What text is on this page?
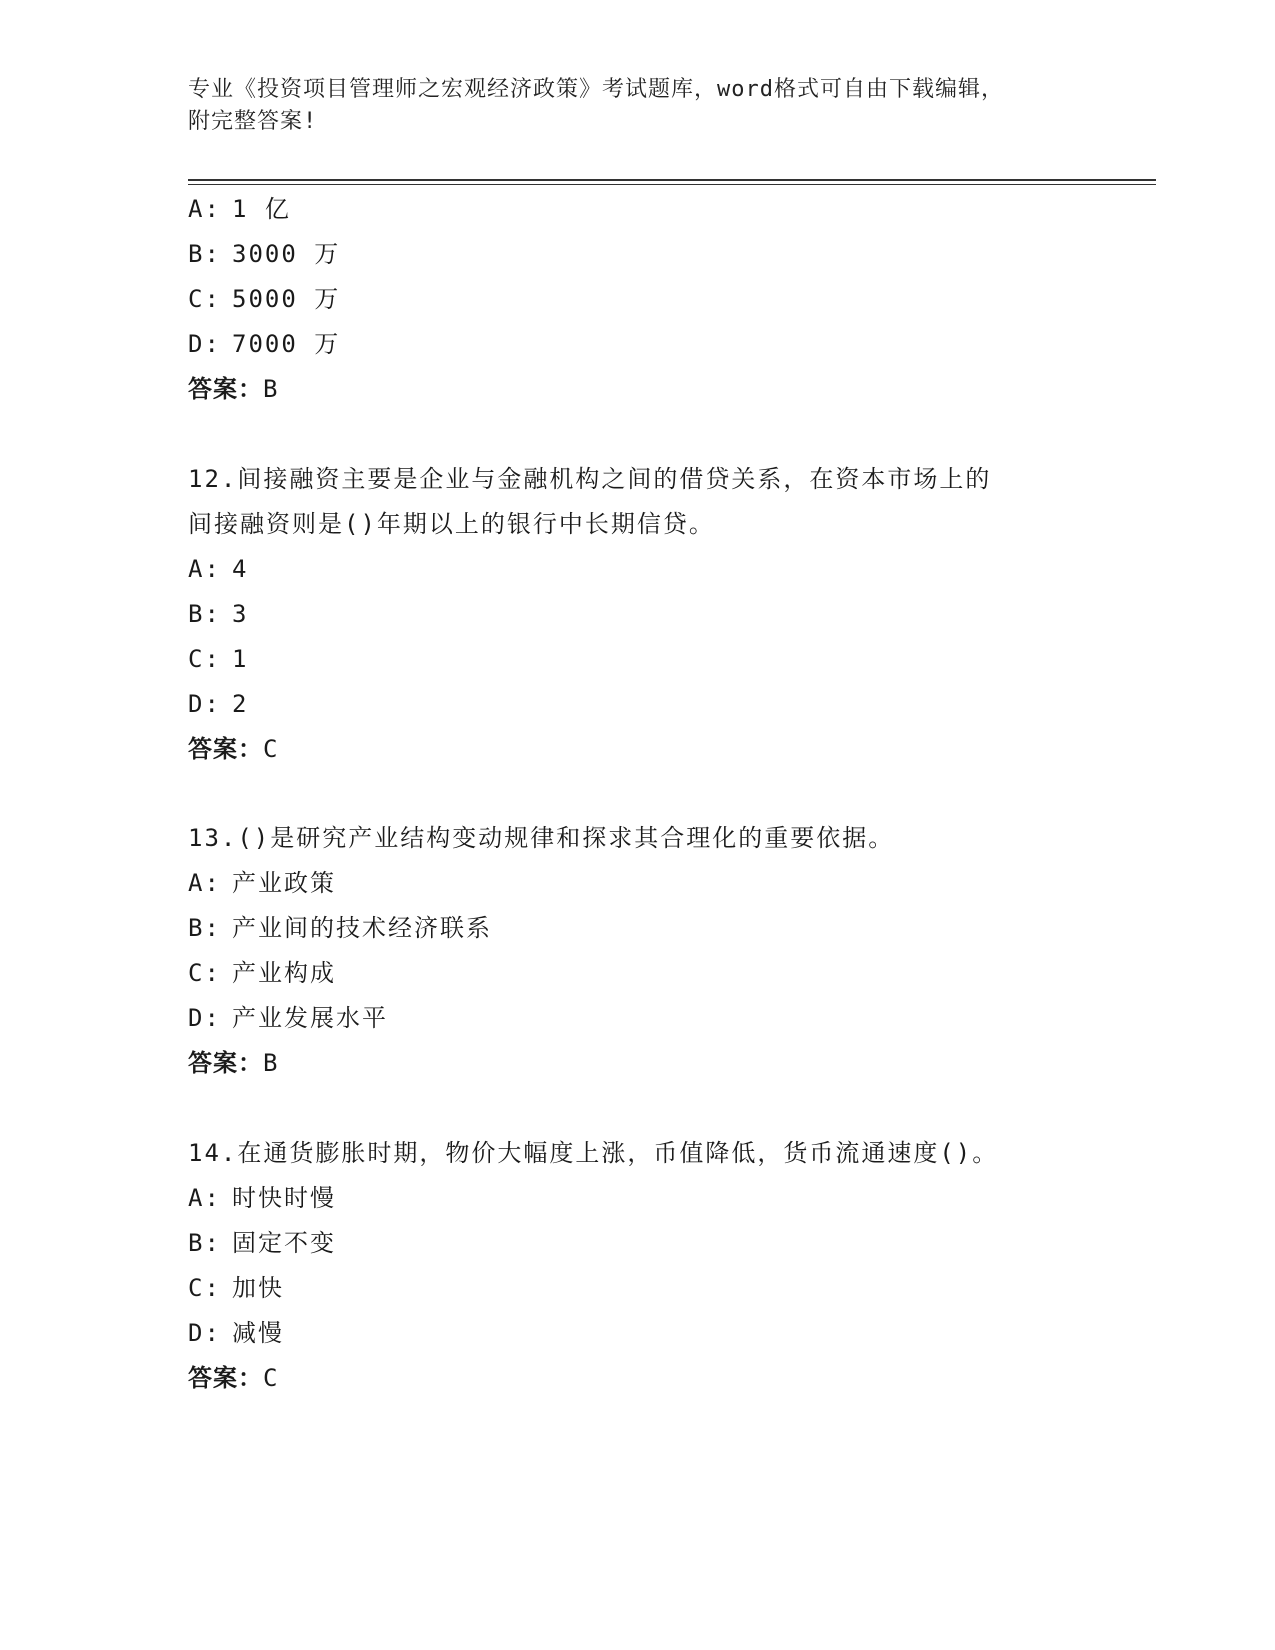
专业《投资项目管理师之宏观经济政策》考试题库，word格式可自由下载编辑，
附完整答案!
A: 1 亿
B: 3000 万
C: 5000 万
D: 7000 万
答案：B
12.间接融资主要是企业与金融机构之间的借贷关系，在资本市场上的
间接融资则是()年期以上的银行中长期信贷。
A: 4
B: 3
C: 1
D: 2
答案：C
13.()是研究产业结构变动规律和探求其合理化的重要依据。
A: 产业政策
B: 产业间的技术经济联系
C: 产业构成
D: 产业发展水平
答案：B
14.在通货膨胀时期，物价大幅度上涨，币值降低，货币流通速度()。
A: 时快时慢
B: 固定不变
C: 加快
D: 减慢
答案：C
